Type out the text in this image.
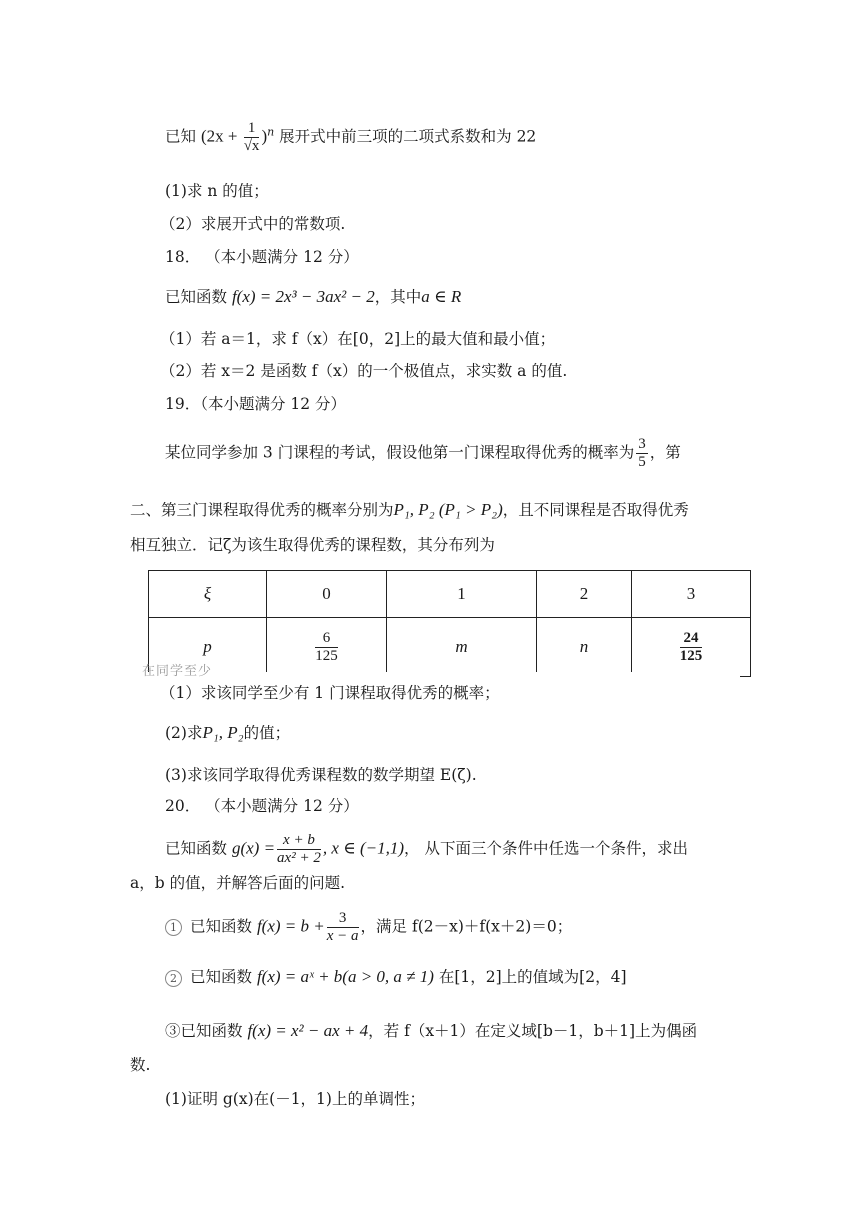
已知 $(2x + \frac{1}{√x} )^n$ 展开式中前三项的二项式系数和为 22
(1)求 n 的值；
（2）求展开式中的常数项.
18． （本小题满分 12 分）
已知函数 f(x) = 2x³ − 3ax² − 2，其中a ∈ R
（1）若 a＝1，求 f（x）在[0，2]上的最大值和最小值；
（2）若 x＝2 是函数 f（x）的一个极值点，求实数 a 的值.
19．（本小题满分 12 分）
某位同学参加 3 门课程的考试，假设他第一门课程取得优秀的概率为 $\frac{3}{5}$ ，第
二、第三门课程取得优秀的概率分别为P₁, P₂ (P₁ > P₂)，且不同课程是否取得优秀
相互独立．记ζ为该生取得优秀的课程数，其分布列为
ξ	0	1	2	3
p	$\frac{6}{125}$	m	n	$\frac{24}{125}$
在同学至少
（1）求该同学至少有 1 门课程取得优秀的概率；
(2)求P₁, P₂的值；
(3)求该同学取得优秀课程数的数学期望 E(ζ).
20． （本小题满分 12 分）
已知函数 $g(x) = \frac{x + b}{\text{ax² + 2}}$ , x ∈ (−1,1)， 从下面三个条件中任选一个条件，求出
a，b 的值，并解答后面的问题.
1 已知函数 $f(x) = b + \frac{3}{x - a}$ ，满足 f(2－x)＋f(x＋2)＝0；
2 已知函数 f(x) = aˣ + b(a > 0, a ≠ 1) 在[1，2]上的值域为[2，4]
③已知函数 f(x) = x² − ax + 4，若 f（x＋1）在定义域[b－1，b＋1]上为偶函
数.
(1)证明 g(x)在(－1，1)上的单调性；
